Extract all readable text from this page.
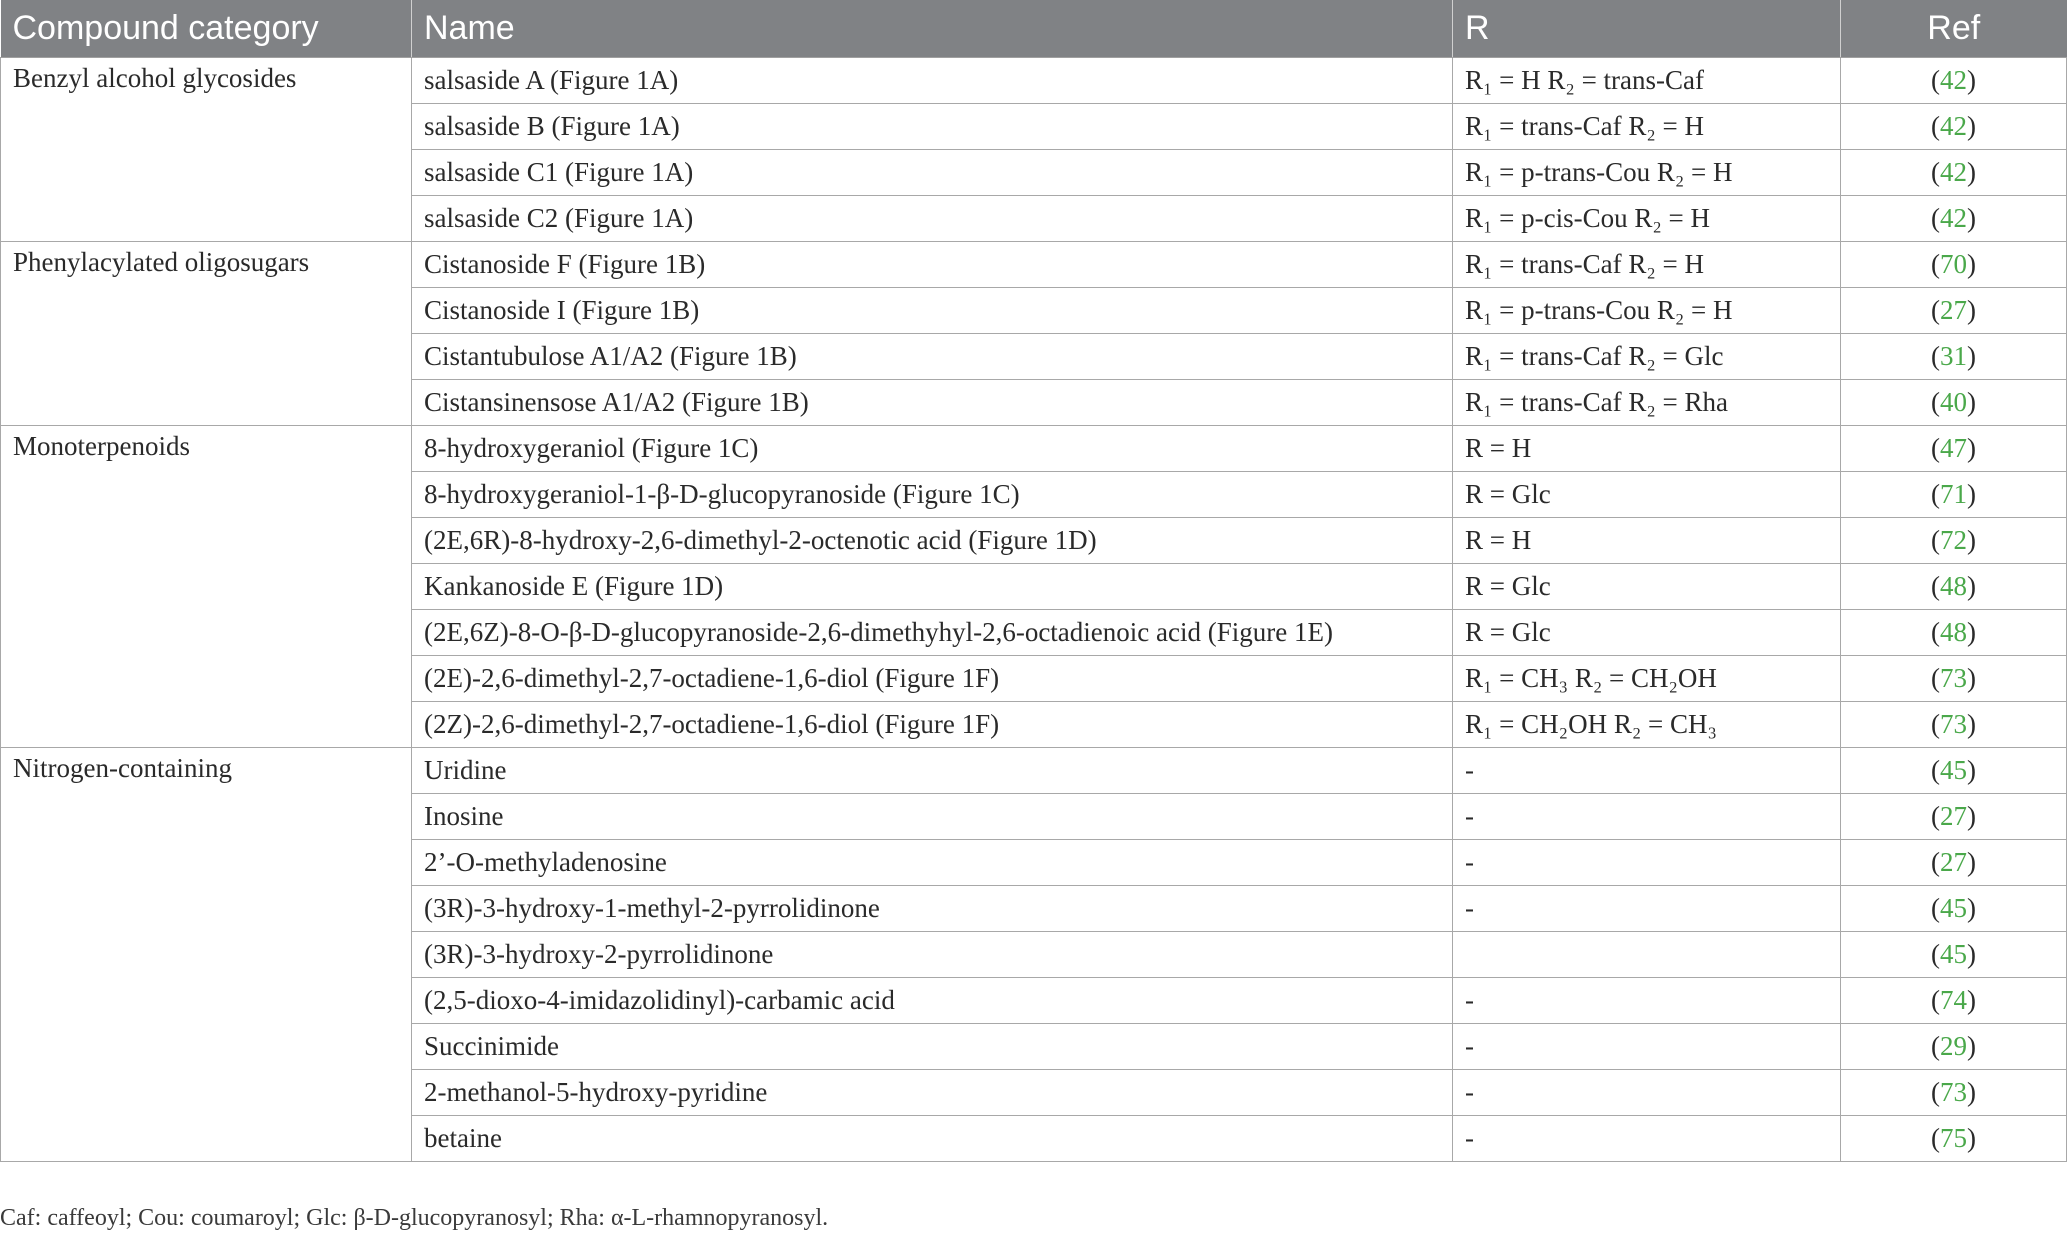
Compound category	Name	R	Ref
Benzyl alcohol glycosides	salsaside A (Figure 1A)	R₁ = H R₂ = trans-Caf	(42)
	salsaside B (Figure 1A)	R₁ = trans-Caf R₂ = H	(42)
	salsaside C1 (Figure 1A)	R₁ = p-trans-Cou R₂ = H	(42)
	salsaside C2 (Figure 1A)	R₁ = p-cis-Cou R₂ = H	(42)
Phenylacylated oligosugars	Cistanoside F (Figure 1B)	R₁ = trans-Caf R₂ = H	(70)
	Cistanoside I (Figure 1B)	R₁ = p-trans-Cou R₂ = H	(27)
	Cistantubulose A1/A2 (Figure 1B)	R₁ = trans-Caf R₂ = Glc	(31)
	Cistansinensose A1/A2 (Figure 1B)	R₁ = trans-Caf R₂ = Rha	(40)
Monoterpenoids	8-hydroxygeraniol (Figure 1C)	R = H	(47)
	8-hydroxygeraniol-1-β-D-glucopyranoside (Figure 1C)	R = Glc	(71)
	(2E,6R)-8-hydroxy-2,6-dimethyl-2-octenotic acid (Figure 1D)	R = H	(72)
	Kankanoside E (Figure 1D)	R = Glc	(48)
	(2E,6Z)-8-O-β-D-glucopyranoside-2,6-dimethyhyl-2,6-octadienoic acid (Figure 1E)	R = Glc	(48)
	(2E)-2,6-dimethyl-2,7-octadiene-1,6-diol (Figure 1F)	R₁ = CH₃ R₂ = CH₂OH	(73)
	(2Z)-2,6-dimethyl-2,7-octadiene-1,6-diol (Figure 1F)	R₁ = CH₂OH R₂ = CH₃	(73)
Nitrogen-containing	Uridine	-	(45)
	Inosine	-	(27)
	2’-O-methyladenosine	-	(27)
	(3R)-3-hydroxy-1-methyl-2-pyrrolidinone	-	(45)
	(3R)-3-hydroxy-2-pyrrolidinone		(45)
	(2,5-dioxo-4-imidazolidinyl)-carbamic acid	-	(74)
	Succinimide	-	(29)
	2-methanol-5-hydroxy-pyridine	-	(73)
	betaine	-	(75)
Caf: caffeoyl; Cou: coumaroyl; Glc: β-D-glucopyranosyl; Rha: α-L-rhamnopyranosyl.
